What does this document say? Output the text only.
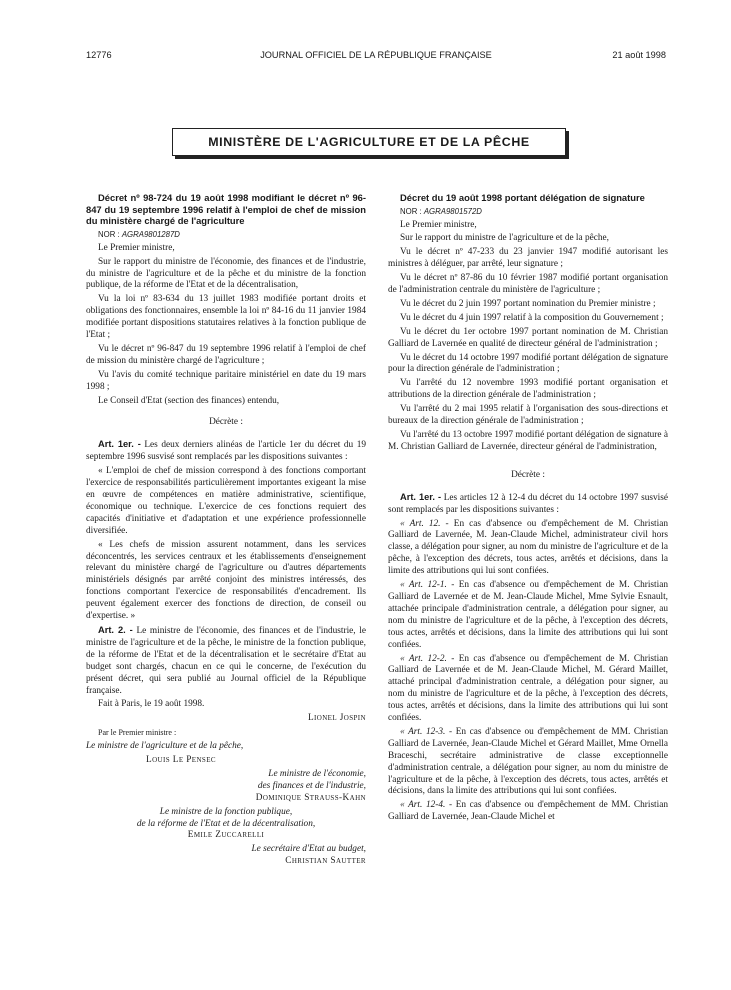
12776	JOURNAL OFFICIEL DE LA RÉPUBLIQUE FRANÇAISE	21 août 1998
MINISTÈRE DE L'AGRICULTURE ET DE LA PÊCHE

Décret nº 98-724 du 19 août 1998 modifiant le décret nº 96-847 du 19 septembre 1996 relatif à l'emploi de chef de mission du ministère chargé de l'agriculture

NOR : AGRA9801287D

Le Premier ministre,

Sur le rapport du ministre de l'économie, des finances et de l'industrie, du ministre de l'agriculture et de la pêche et du ministre de la fonction publique, de la réforme de l'Etat et de la décentralisation,

Vu la loi nº 83-634 du 13 juillet 1983 modifiée portant droits et obligations des fonctionnaires, ensemble la loi nº 84-16 du 11 janvier 1984 modifiée portant dispositions statutaires relatives à la fonction publique de l'Etat ;

Vu le décret nº 96-847 du 19 septembre 1996 relatif à l'emploi de chef de mission du ministère chargé de l'agriculture ;

Vu l'avis du comité technique paritaire ministériel en date du 19 mars 1998 ;

Le Conseil d'Etat (section des finances) entendu,

Décrète :

Art. 1er. - Les deux derniers alinéas de l'article 1er du décret du 19 septembre 1996 susvisé sont remplacés par les dispositions suivantes :

« L'emploi de chef de mission correspond à des fonctions comportant l'exercice de responsabilités particulièrement importantes exigeant la mise en œuvre de compétences en matière administrative, scientifique, économique ou technique. L'exercice de ces fonctions requiert des capacités d'initiative et d'adaptation et une expérience professionnelle diversifiée.

« Les chefs de mission assurent notamment, dans les services déconcentrés, les services centraux et les établissements d'enseignement relevant du ministère chargé de l'agriculture ou d'autres départements ministériels désignés par arrêté conjoint des ministres intéressés, des fonctions comportant l'exercice de responsabilités d'encadrement. Ils peuvent également exercer des fonctions de direction, de conseil ou d'expertise. »

Art. 2. - Le ministre de l'économie, des finances et de l'industrie, le ministre de l'agriculture et de la pêche, le ministre de la fonction publique, de la réforme de l'Etat et de la décentralisation et le secrétaire d'Etat au budget sont chargés, chacun en ce qui le concerne, de l'exécution du présent décret, qui sera publié au Journal officiel de la République française.

Fait à Paris, le 19 août 1998.

Lionel Jospin

Par le Premier ministre :

Le ministre de l'agriculture et de la pêche,

Louis Le Pensec

Le ministre de l'économie,

des finances et de l'industrie,

Dominique Strauss-Kahn

Le ministre de la fonction publique,

de la réforme de l'Etat et de la décentralisation,

Emile Zuccarelli

Le secrétaire d'Etat au budget,

Christian Sautter

Décret du 19 août 1998 portant délégation de signature

NOR : AGRA9801572D

Le Premier ministre,

Sur le rapport du ministre de l'agriculture et de la pêche,

Vu le décret nº 47-233 du 23 janvier 1947 modifié autorisant les ministres à déléguer, par arrêté, leur signature ;

Vu le décret nº 87-86 du 10 février 1987 modifié portant organisation de l'administration centrale du ministère de l'agriculture ;

Vu le décret du 2 juin 1997 portant nomination du Premier ministre ;

Vu le décret du 4 juin 1997 relatif à la composition du Gouvernement ;

Vu le décret du 1er octobre 1997 portant nomination de M. Christian Galliard de Lavernée en qualité de directeur général de l'administration ;

Vu le décret du 14 octobre 1997 modifié portant délégation de signature pour la direction générale de l'administration ;

Vu l'arrêté du 12 novembre 1993 modifié portant organisation et attributions de la direction générale de l'administration ;

Vu l'arrêté du 2 mai 1995 relatif à l'organisation des sous-directions et bureaux de la direction générale de l'administration ;

Vu l'arrêté du 13 octobre 1997 modifié portant délégation de signature à M. Christian Galliard de Lavernée, directeur général de l'administration,

Décrète :

Art. 1er. - Les articles 12 à 12-4 du décret du 14 octobre 1997 susvisé sont remplacés par les dispositions suivantes :

« Art. 12. - En cas d'absence ou d'empêchement de M. Christian Galliard de Lavernée, M. Jean-Claude Michel, administrateur civil hors classe, a délégation pour signer, au nom du ministre de l'agriculture et de la pêche, à l'exception des décrets, tous actes, arrêtés et décisions, dans la limite des attributions qui lui sont confiées.

« Art. 12-1. - En cas d'absence ou d'empêchement de M. Christian Galliard de Lavernée et de M. Jean-Claude Michel, Mme Sylvie Esnault, attachée principale d'administration centrale, a délégation pour signer, au nom du ministre de l'agriculture et de la pêche, à l'exception des décrets, tous actes, arrêtés et décisions, dans la limite des attributions qui lui sont confiées.

« Art. 12-2. - En cas d'absence ou d'empêchement de M. Christian Galliard de Lavernée et de M. Jean-Claude Michel, M. Gérard Maillet, attaché principal d'administration centrale, a délégation pour signer, au nom du ministre de l'agriculture et de la pêche, à l'exception des décrets, tous actes, arrêtés et décisions, dans la limite des attributions qui lui sont confiées.

« Art. 12-3. - En cas d'absence ou d'empêchement de MM. Christian Galliard de Lavernée, Jean-Claude Michel et Gérard Maillet, Mme Ornella Braceschi, secrétaire administrative de classe exceptionnelle d'administration centrale, a délégation pour signer, au nom du ministre de l'agriculture et de la pêche, à l'exception des décrets, tous actes, arrêtés et décisions, dans la limite des attributions qui lui sont confiées.

« Art. 12-4. - En cas d'absence ou d'empêchement de MM. Christian Galliard de Lavernée, Jean-Claude Michel et
